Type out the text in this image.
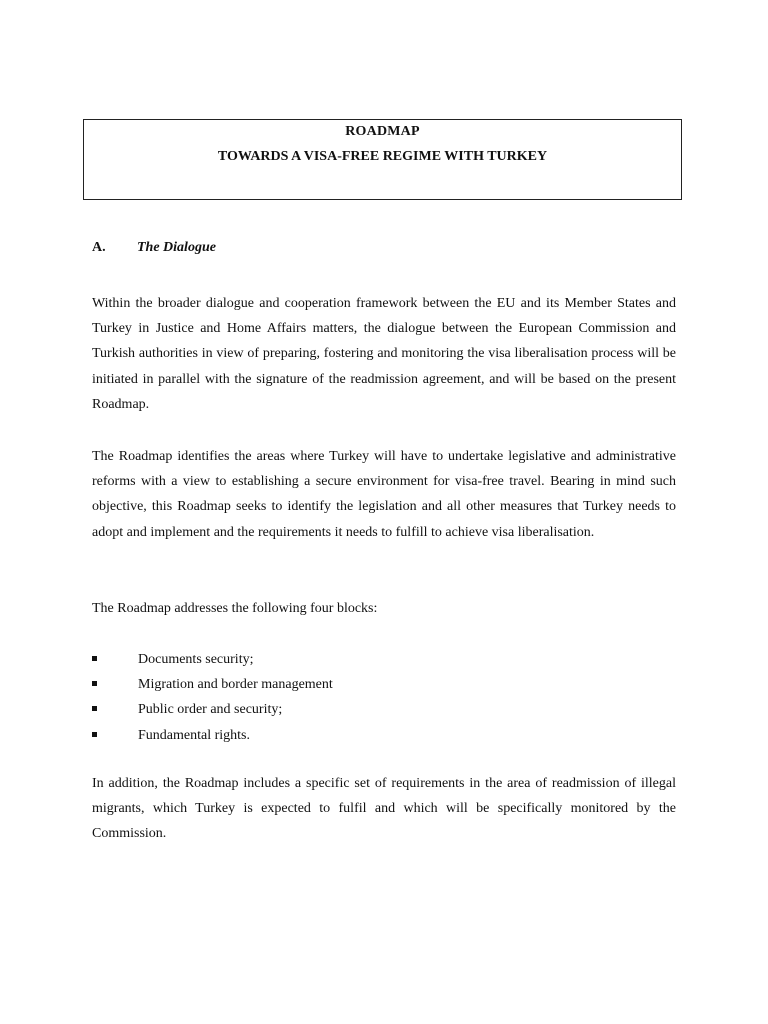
ROADMAP
TOWARDS A VISA-FREE REGIME WITH TURKEY
A. The Dialogue
Within the broader dialogue and cooperation framework between the EU and its Member States and Turkey in Justice and Home Affairs matters, the dialogue between the European Commission and Turkish authorities in view of preparing, fostering and monitoring the visa liberalisation process will be initiated in parallel with the signature of the readmission agreement, and will be based on the present Roadmap.
The Roadmap identifies the areas where Turkey will have to undertake legislative and administrative reforms with a view to establishing a secure environment for visa-free travel. Bearing in mind such objective, this Roadmap seeks to identify the legislation and all other measures that Turkey needs to adopt and implement and the requirements it needs to fulfill to achieve visa liberalisation.
The Roadmap addresses the following four blocks:
Documents security;
Migration and border management
Public order and security;
Fundamental rights.
In addition, the Roadmap includes a specific set of requirements in the area of readmission of illegal migrants, which Turkey is expected to fulfil and which will be specifically monitored by the Commission.
